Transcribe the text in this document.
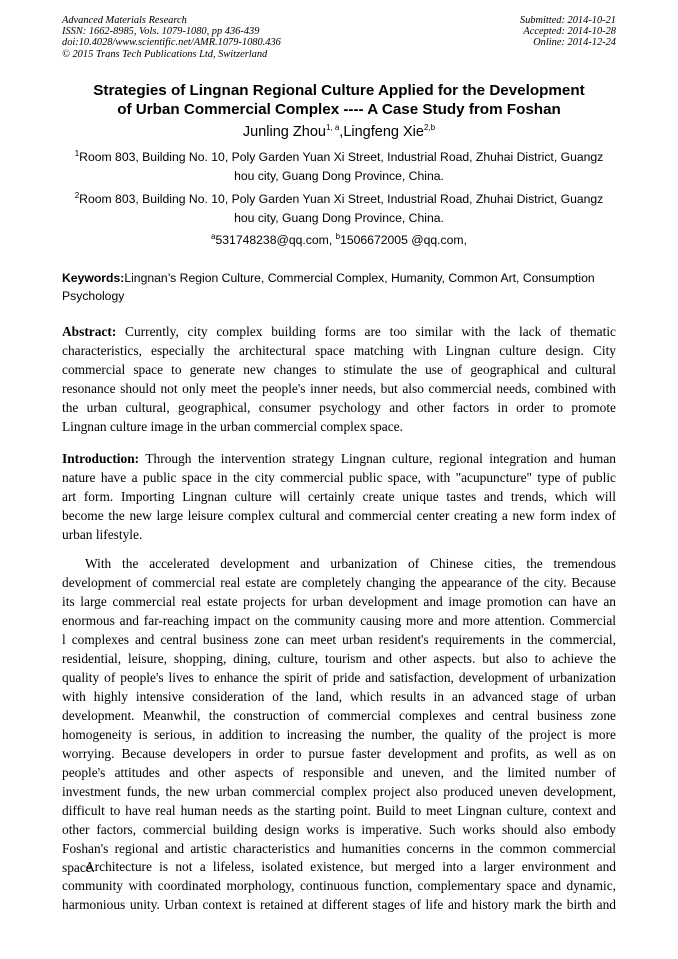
Advanced Materials Research
ISSN: 1662-8985, Vols. 1079-1080, pp 436-439
doi:10.4028/www.scientific.net/AMR.1079-1080.436
© 2015 Trans Tech Publications Ltd, Switzerland
Submitted: 2014-10-21
Accepted: 2014-10-28
Online: 2014-12-24
Strategies of Lingnan Regional Culture Applied for the Development
of Urban Commercial Complex ---- A Case Study from Foshan
Junling Zhou$^{1, a}$,Lingfeng Xie$^{2,b}$
$^1$Room 803, Building No. 10, Poly Garden Yuan Xi Street, Industrial Road, Zhuhai District, Guangz
hou city, Guang Dong Province, China.
$^2$Room 803, Building No. 10, Poly Garden Yuan Xi Street, Industrial Road, Zhuhai District, Guangz
hou city, Guang Dong Province, China.
$^a$531748238@qq.com, $^b$1506672005 @qq.com,
Keywords:Lingnan’s Region Culture, Commercial Complex, Humanity, Common Art, Consumption
Psychology
Abstract: Currently, city complex building forms are too similar with the lack of thematic
characteristics, especially the architectural space matching with Lingnan culture design. City
commercial space to generate new changes to stimulate the use of geographical and cultural
resonance should not only meet the people's inner needs, but also commercial needs, combined with
the urban cultural, geographical, consumer psychology and other factors in order to promote
Lingnan culture image in the urban commercial complex space.
Introduction: Through the intervention strategy Lingnan culture, regional integration and human
nature have a public space in the city commercial public space, with "acupuncture" type of public
art form. Importing Lingnan culture will certainly create unique tastes and trends, which will
become the new large leisure complex cultural and commercial center creating a new form index of
urban lifestyle.
With the accelerated development and urbanization of Chinese cities, the tremendous
development of commercial real estate are completely changing the appearance of the city. Because
its large commercial real estate projects for urban development and image promotion can have an
enormous and far-reaching impact on the community causing more and more attention. Commercial
l complexes and central business zone can meet urban resident's requirements in the commercial,
residential, leisure, shopping, dining, culture, tourism and other aspects. but also to achieve the
quality of people's lives to enhance the spirit of pride and satisfaction, development of urbanization
with highly intensive consideration of the land, which results in an advanced stage of urban
development. Meanwhil, the construction of commercial complexes and central business zone
homogeneity is serious, in addition to increasing the number, the quality of the project is more
worrying. Because developers in order to pursue faster development and profits, as well as on
people's attitudes and other aspects of responsible and uneven, and the limited number of
investment funds, the new urban commercial complex project also produced uneven development,
difficult to have real human needs as the starting point. Build to meet Lingnan culture, context and
other factors, commercial building design works is imperative. Such works should also embody
Foshan's regional and artistic characteristics and humanities concerns in the common commercial
space.
Architecture is not a lifeless, isolated existence, but merged into a larger environment and
community with coordinated morphology, continuous function, complementary space and dynamic,
harmonious unity. Urban context is retained at different stages of life and history mark the birth and
